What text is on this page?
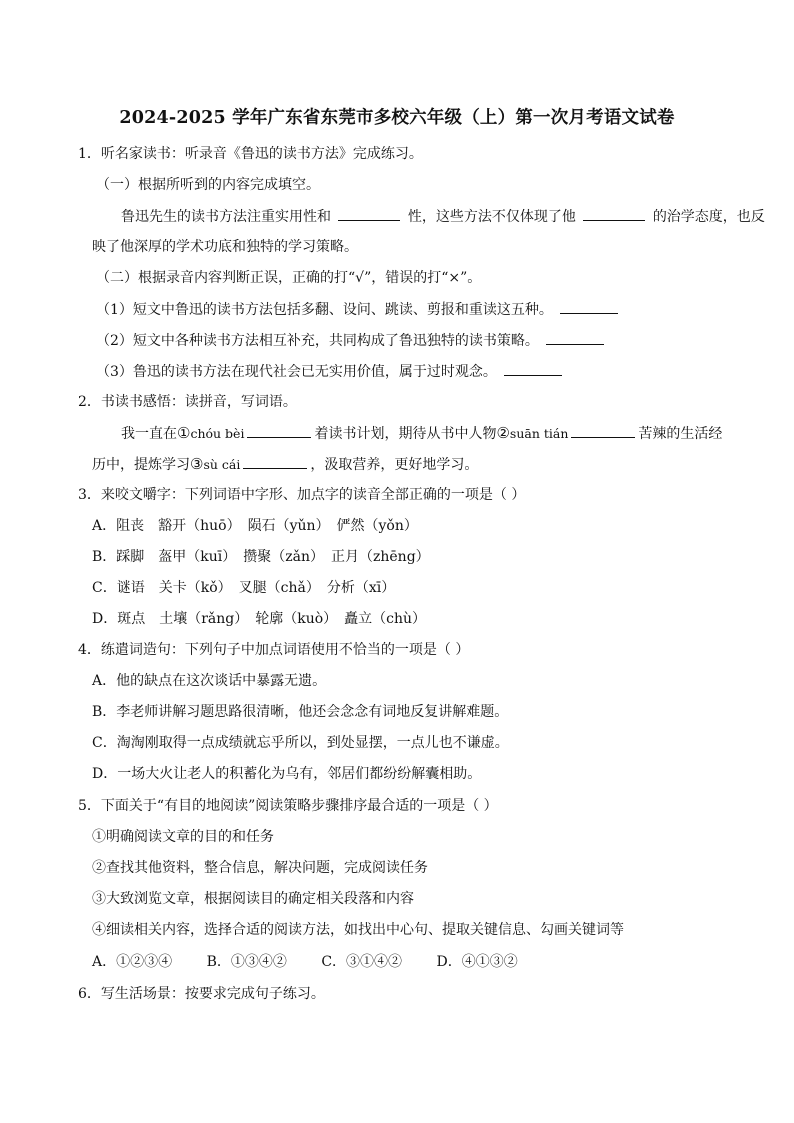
2024-2025 学年广东省东莞市多校六年级（上）第一次月考语文试卷
1．听名家读书：听录音《鲁迅的读书方法》完成练习。
（一）根据所听到的内容完成填空。
鲁迅先生的读书方法注重实用性和	性，这些方法不仅体现了他	的治学态度，也反
映了他深厚的学术功底和独特的学习策略。
（二）根据录音内容判断正误，正确的打“√”，错误的打“×”。
（1）短文中鲁迅的读书方法包括多翻、设问、跳读、剪报和重读这五种。
（2）短文中各种读书方法相互补充，共同构成了鲁迅独特的读书策略。
（3）鲁迅的读书方法在现代社会已无实用价值，属于过时观念。
2．书读书感悟：读拼音，写词语。
我一直在①chóu bèi	着读书计划，期待从书中人物②suān tián	苦辣的生活经
历中，提炼学习③sù cái	，汲取营养，更好地学习。
3．来咬文嚼字：下列词语中字形、加点字的读音全部正确的一项是（ ）
A．阻丧　豁开（huō）　陨石（yǔn）　俨然（yǒn）
B．踩脚　盔甲（kuī）　攒聚（zǎn）　正月（zhēng）
C．谜语　关卡（kǒ）　叉腿（chǎ）　分析（xī）
D．斑点　土壤（rǎng）　轮廓（kuò）　矗立（chù）
4．练遣词造句：下列句子中加点词语使用不恰当的一项是（ ）
A．他的缺点在这次谈话中暴露无遗。
B．李老师讲解习题思路很清晰，他还会念念有词地反复讲解难题。
C．淘淘刚取得一点成绩就忘乎所以，到处显摆，一点儿也不谦虚。
D．一场大火让老人的积蓄化为乌有，邻居们都纷纷解囊相助。
5．下面关于“有目的地阅读”阅读策略步骤排序最合适的一项是（ ）
①明确阅读文章的目的和任务
②查找其他资料，整合信息，解决问题，完成阅读任务
③大致浏览文章，根据阅读目的确定相关段落和内容
④细读相关内容，选择合适的阅读方法，如找出中心句、提取关键信息、勾画关键词等
A．①②③④ B．①③④② C．③①④② D．④①③②
6．写生活场景：按要求完成句子练习。
